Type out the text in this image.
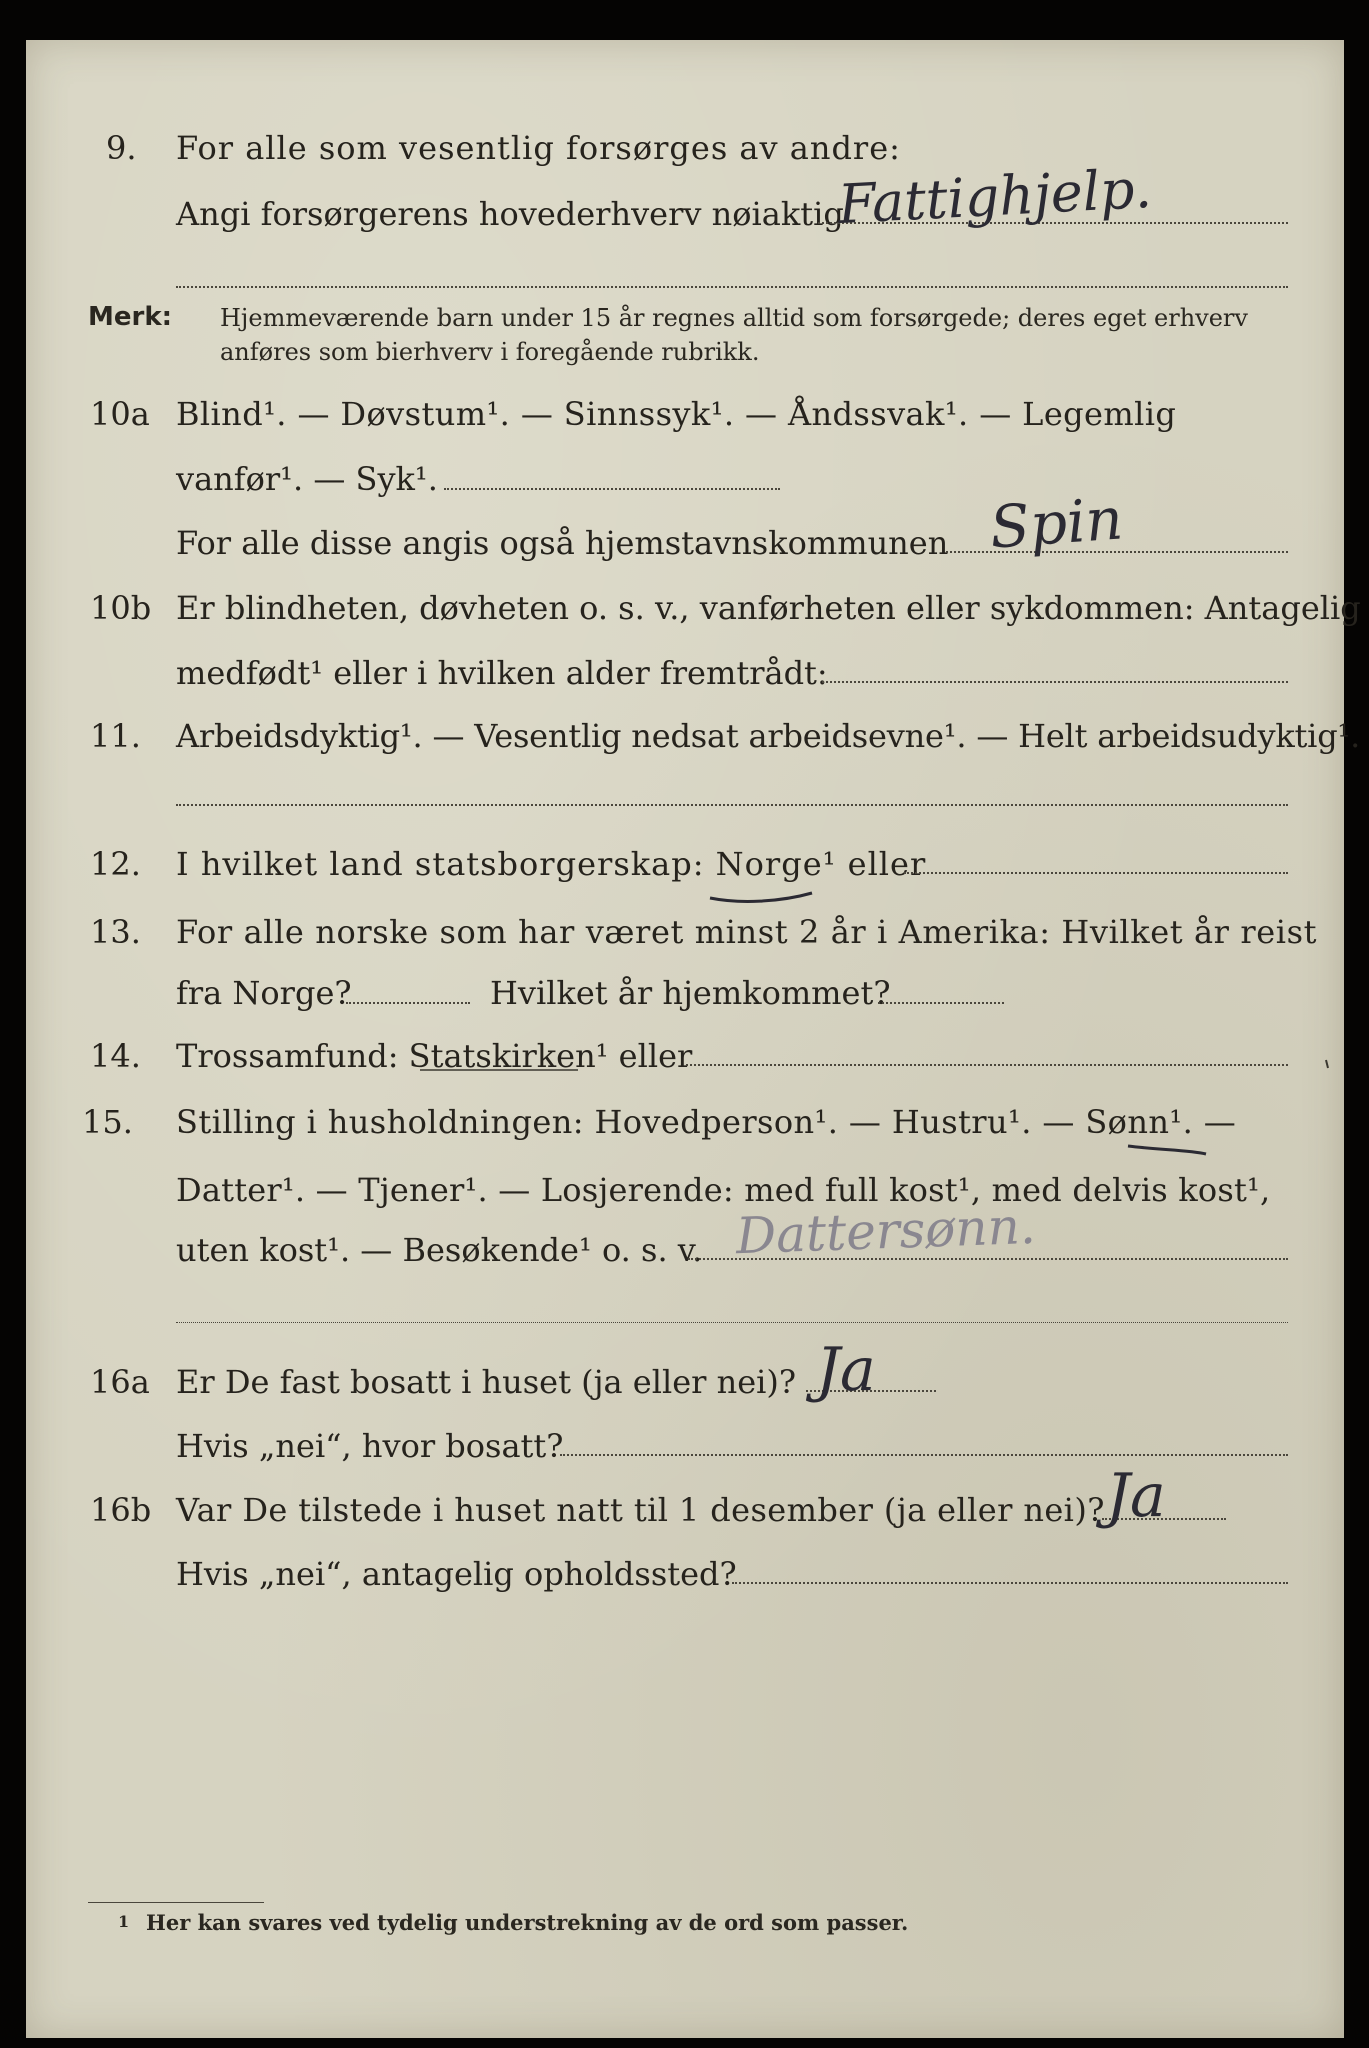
9. For alle som vesentlig forsørges av andre:
Angi forsørgerens hovederhverv nøiaktig
Fattighjelp.
Merk: Hjemmeværende barn under 15 år regnes alltid som forsørgede; deres eget erhverv
anføres som bierhverv i foregående rubrikk.
10a Blind¹. — Døvstum¹. — Sinnssyk¹. — Åndssvak¹. — Legemlig
vanfør¹. — Syk¹.
For alle disse angis også hjemstavnskommunen Spin
10b Er blindheten, døvheten o. s. v., vanførheten eller sykdommen: Antagelig
medfødt¹ eller i hvilken alder fremtrådt:
11. Arbeidsdyktig¹. — Vesentlig nedsat arbeidsevne¹. — Helt arbeidsudyktig¹.
12. I hvilket land statsborgerskap: Norge¹ eller
13. For alle norske som har været minst 2 år i Amerika: Hvilket år reist
fra Norge?	Hvilket år hjemkommet?
14. Trossamfund: Statskirken¹ eller
15. Stilling i husholdningen: Hovedperson¹. — Hustru¹. — Sønn¹. —
Datter¹. — Tjener¹. — Losjerende: med full kost¹, med delvis kost¹,
uten kost¹. — Besøkende¹ o. s. v. Dattersønn.
16a Er De fast bosatt i huset (ja eller nei)? Ja
Hvis „nei“, hvor bosatt?
16b Var De tilstede i huset natt til 1 desember (ja eller nei)? Ja
Hvis „nei“, antagelig opholdssted?
1 Her kan svares ved tydelig understrekning av de ord som passer.
